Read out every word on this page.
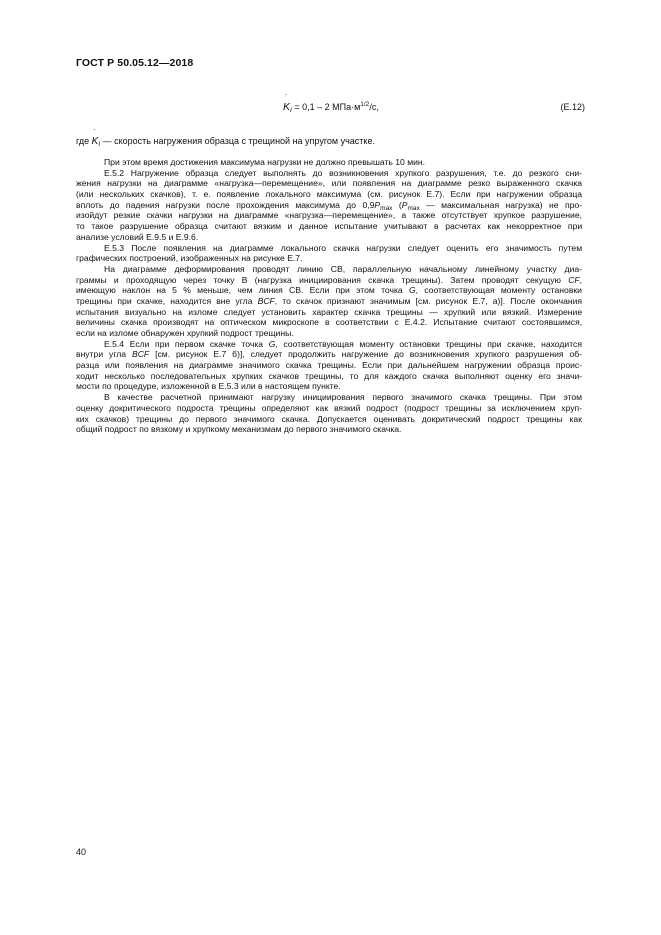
ГОСТ Р 50.05.12—2018
˙
$K_I = 0,1 - 2$ $МПа\cdot м^{1/2}/с$,	(Е.12)
где
˙
$K_I$ — скорость нагружения образца с трещиной на упругом участке.
При этом время достижения максимума нагрузки не должно превышать 10 мин.
Е.5.2 Нагружение образца следует выполнять до возникновения хрупкого разрушения, т.е. до резкого сни-
жения нагрузки на диаграмме «нагрузка—перемещение», или появления на диаграмме резко выраженного скачка
(или нескольких скачков), т. е. появление локального максимума (см. рисунок Е.7). Если при нагружении образца
вплоть до падения нагрузки после прохождения максимума до $0,9P_{max}$ ($P_{max}$ — максимальная нагрузка) не про-
изойдут резкие скачки нагрузки на диаграмме «нагрузка—перемещение», а также отсутствует хрупкое разрушение,
то такое разрушение образца считают вязким и данное испытание учитывают в расчетах как некорректное при
анализе условий Е.9.5 и Е.9.6.
Е.5.3 После появления на диаграмме локального скачка нагрузки следует оценить его значимость путем
графических построений, изображенных на рисунке Е.7.
На диаграмме деформирования проводят линию СВ, параллельную начальному линейному участку диа-
граммы и проходящую через точку В (нагрузка инициирования скачка трещины). Затем проводят секущую CF,
имеющую наклон на 5 % меньше, чем линия СВ. Если при этом точка G, соответствующая моменту остановки
трещины при скачке, находится вне угла BCF, то скачок признают значимым [см. рисунок Е.7, а)]. После окончания
испытания визуально на изломе следует установить характер скачка трещины — хрупкий или вязкий. Измерение
величины скачка производят на оптическом микроскопе в соответствии с Е.4.2. Испытание считают состоявшимся,
если на изломе обнаружен хрупкий подрост трещины.
Е.5.4 Если при первом скачке точка G, соответствующая моменту остановки трещины при скачке, находится
внутри угла BCF [см. рисунок Е.7 б)], следует продолжить нагружение до возникновения хрупкого разрушения об-
разца или появления на диаграмме значимого скачка трещины. Если при дальнейшем нагружении образца проис-
ходит несколько последовательных хрупких скачков трещины, то для каждого скачка выполняют оценку его значи-
мости по процедуре, изложенной в Е.5.3 или в настоящем пункте.
В качестве расчетной принимают нагрузку инициирования первого значимого скачка трещины. При этом
оценку докритического подроста трещины определяют как вязкий подрост (подрост трещины за исключением хруп-
ких скачков) трещины до первого значимого скачка. Допускается оценивать докритический подрост трещины как
общий подрост по вязкому и хрупкому механизмам до первого значимого скачка.
40
